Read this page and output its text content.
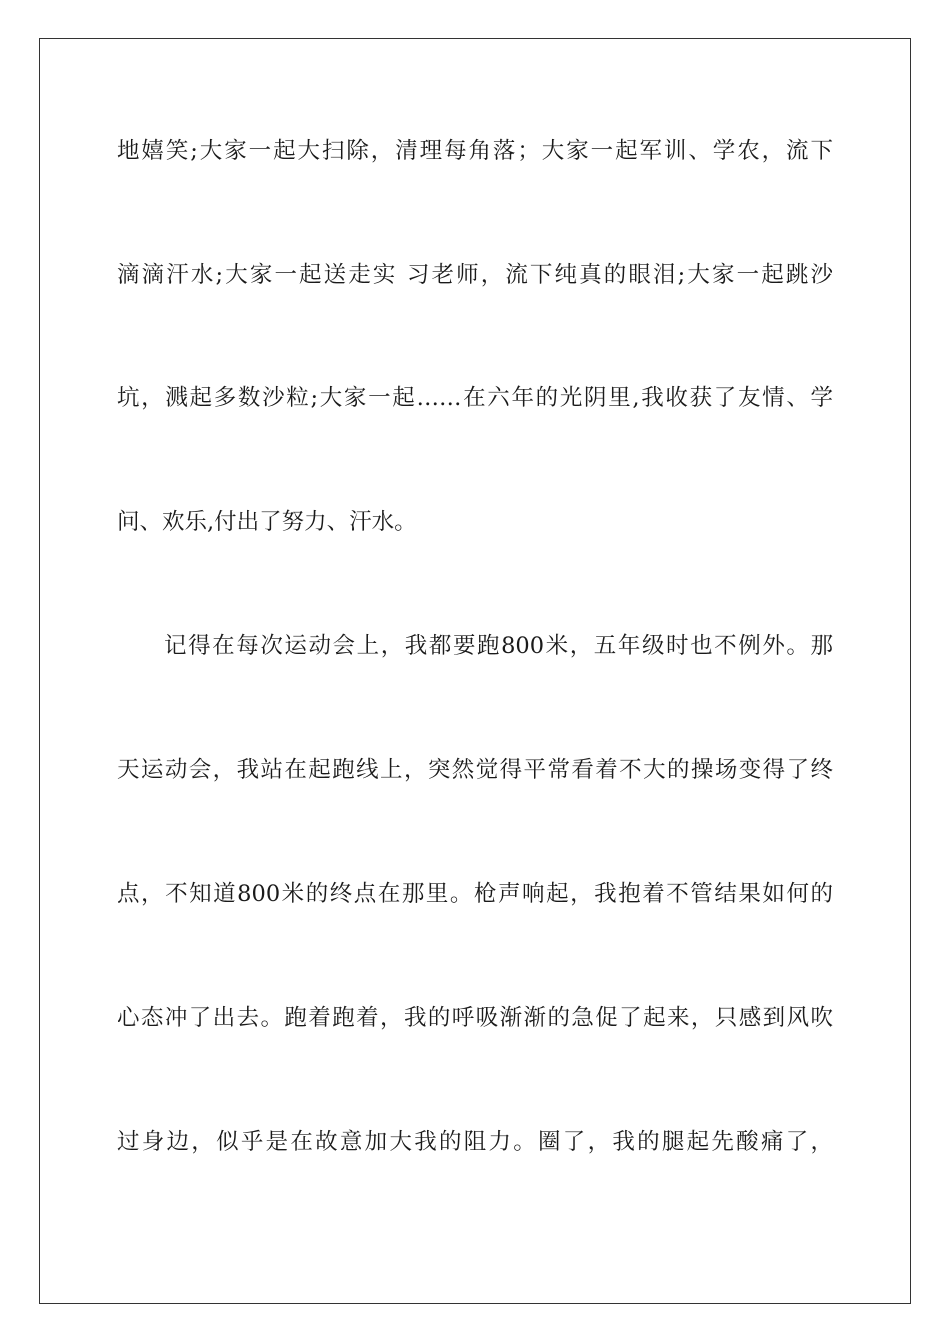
地嬉笑;大家一起大扫除，清理每角落；大家一起军训、学农，流下
滴滴汗水;大家一起送走实 习老师，流下纯真的眼泪;大家一起跳沙
坑，溅起多数沙粒;大家一起……在六年的光阴里,我收获了友情、学
问、欢乐,付出了努力、汗水。
记得在每次运动会上，我都要跑800米，五年级时也不例外。那
天运动会，我站在起跑线上，突然觉得平常看着不大的操场变得了终
点，不知道800米的终点在那里。枪声响起，我抱着不管结果如何的
心态冲了出去。跑着跑着，我的呼吸渐渐的急促了起来，只感到风吹
过身边，似乎是在故意加大我的阻力。圈了，我的腿起先酸痛了，
